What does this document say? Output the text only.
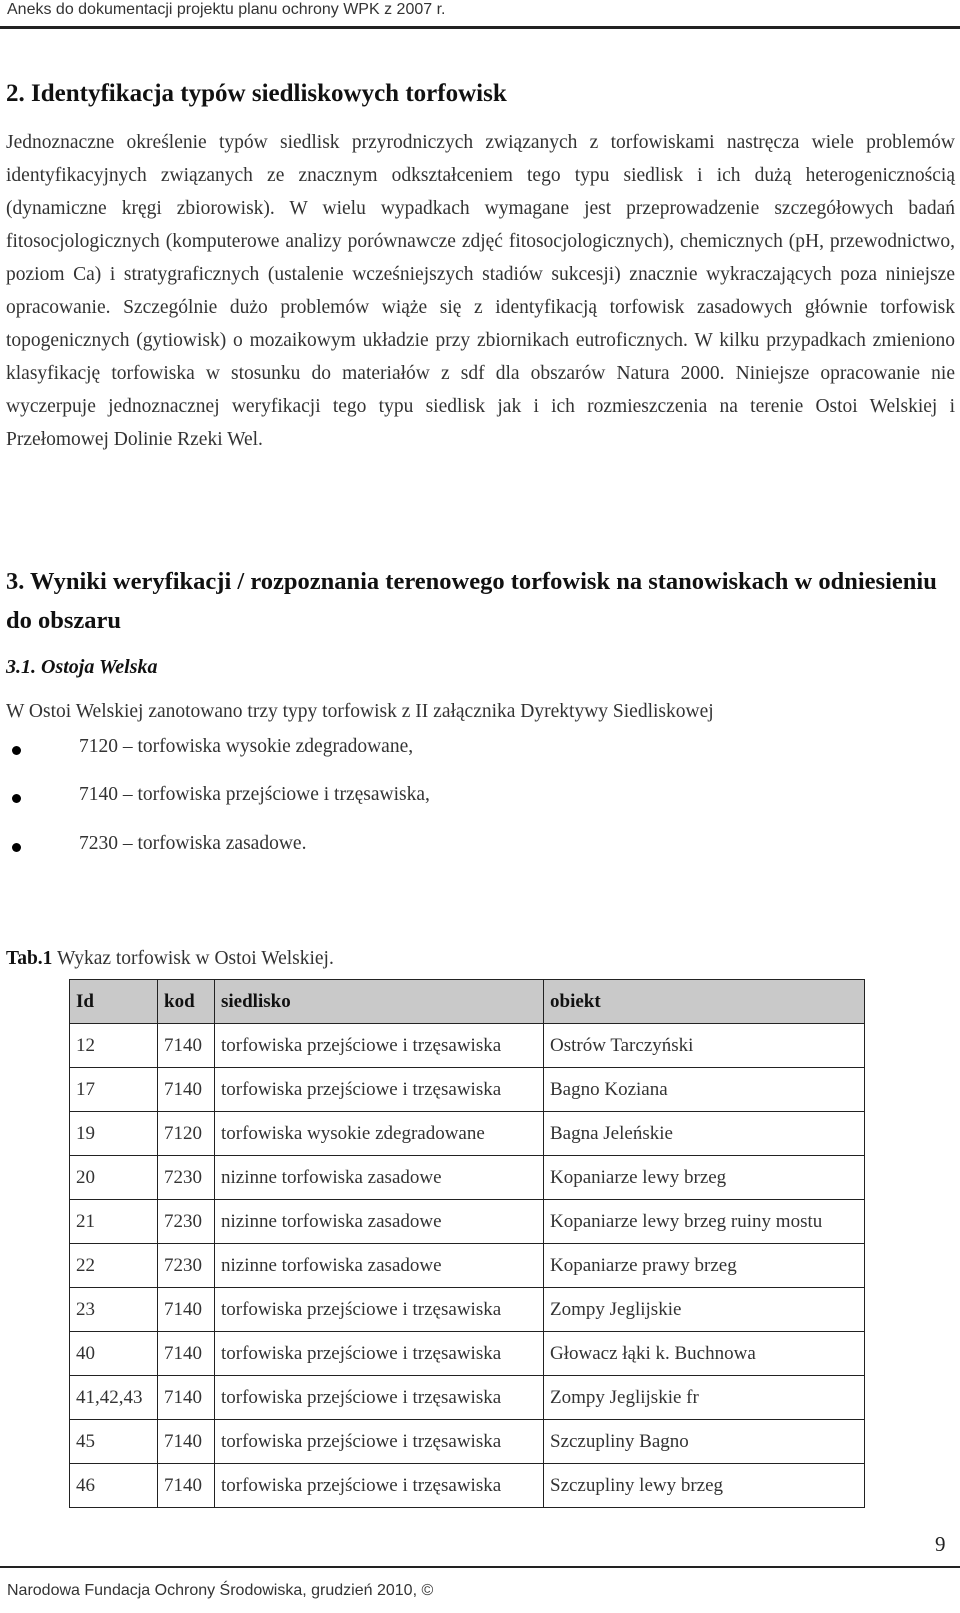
Aneks do dokumentacji projektu planu ochrony WPK z 2007 r.
2. Identyfikacja typów siedliskowych torfowisk
Jednoznaczne określenie typów siedlisk przyrodniczych związanych z torfowiskami nastręcza wiele problemów identyfikacyjnych związanych ze znacznym odkształceniem tego typu siedlisk i ich dużą heterogenicznością (dynamiczne kręgi zbiorowisk). W wielu wypadkach wymagane jest przeprowadzenie szczegółowych badań fitosocjologicznych (komputerowe analizy porównawcze zdjęć fitosocjologicznych), chemicznych (pH, przewodnictwo, poziom Ca) i stratygraficznych (ustalenie wcześniejszych stadiów sukcesji) znacznie wykraczających poza niniejsze opracowanie. Szczególnie dużo problemów wiąże się z identyfikacją torfowisk zasadowych głównie torfowisk topogenicznych (gytiowisk) o mozaikowym układzie przy zbiornikach eutroficznych. W kilku przypadkach zmieniono klasyfikację torfowiska w stosunku do materiałów z sdf dla obszarów Natura 2000. Niniejsze opracowanie nie wyczerpuje jednoznacznej weryfikacji tego typu siedlisk jak i ich rozmieszczenia na terenie Ostoi Welskiej i Przełomowej Dolinie Rzeki Wel.
3. Wyniki weryfikacji / rozpoznania terenowego torfowisk na stanowiskach w odniesieniu do obszaru
3.1. Ostoja Welska
W Ostoi Welskiej zanotowano trzy typy torfowisk z II załącznika Dyrektywy Siedliskowej
7120 – torfowiska wysokie zdegradowane,
7140 – torfowiska przejściowe i trzęsawiska,
7230 – torfowiska zasadowe.
Tab.1 Wykaz torfowisk w Ostoi Welskiej.
Id	kod	siedlisko	obiekt
12	7140	torfowiska przejściowe i trzęsawiska	Ostrów Tarczyński
17	7140	torfowiska przejściowe i trzęsawiska	Bagno Koziana
19	7120	torfowiska wysokie zdegradowane	Bagna Jeleńskie
20	7230	nizinne torfowiska zasadowe	Kopaniarze lewy brzeg
21	7230	nizinne torfowiska zasadowe	Kopaniarze lewy brzeg ruiny mostu
22	7230	nizinne torfowiska zasadowe	Kopaniarze prawy brzeg
23	7140	torfowiska przejściowe i trzęsawiska	Zompy Jeglijskie
40	7140	torfowiska przejściowe i trzęsawiska	Głowacz łąki k. Buchnowa
41,42,43	7140	torfowiska przejściowe i trzęsawiska	Zompy Jeglijskie fr
45	7140	torfowiska przejściowe i trzęsawiska	Szczupliny Bagno
46	7140	torfowiska przejściowe i trzęsawiska	Szczupliny lewy brzeg
9
Narodowa Fundacja Ochrony Środowiska, grudzień 2010, ©
